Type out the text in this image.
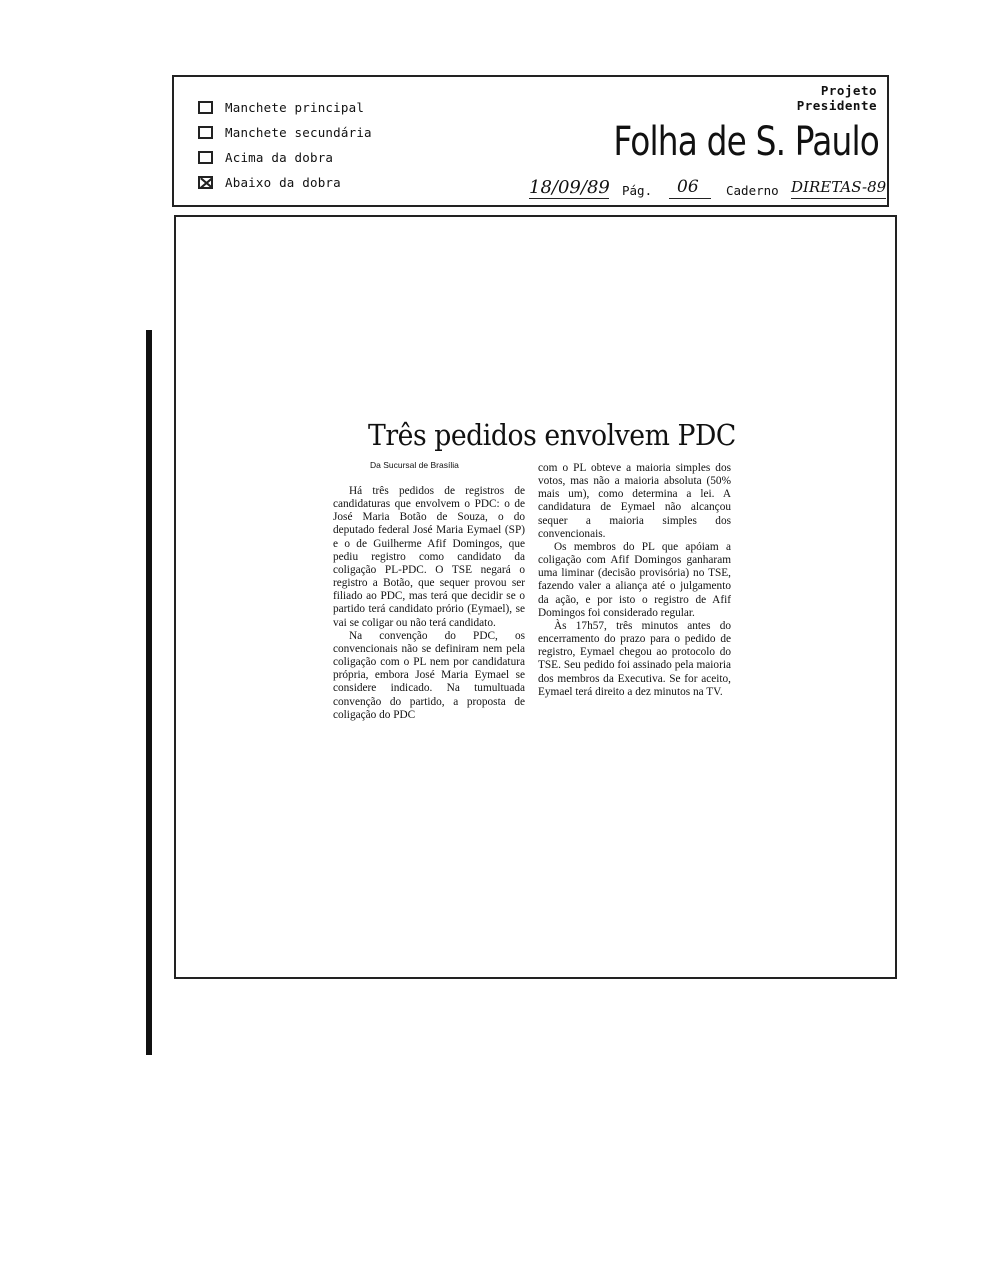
Manchete principal
Manchete secundária
Acima da dobra
Abaixo da dobra
Projeto
Presidente
Folha de S. Paulo
18/09/89 Pág. 06 Caderno DIRETAS-89
Três pedidos envolvem PDC
Da Sucursal de Brasília

Há três pedidos de registros de candidaturas que envolvem o PDC: o de José Maria Botão de Souza, o do deputado federal José Maria Eymael (SP) e o de Guilherme Afif Domingos, que pediu registro como candidato da coligação PL-PDC. O TSE negará o registro a Botão, que sequer provou ser filiado ao PDC, mas terá que decidir se o partido terá candidato prório (Eymael), se vai se coligar ou não terá candidato.

Na convenção do PDC, os convencionais não se definiram nem pela coligação com o PL nem por candidatura própria, embora José Maria Eymael se considere indicado. Na tumultuada convenção do partido, a proposta de coligação do PDC

com o PL obteve a maioria simples dos votos, mas não a maioria absoluta (50% mais um), como determina a lei. A candidatura de Eymael não alcançou sequer a maioria simples dos convencionais.

Os membros do PL que apóiam a coligação com Afif Domingos ganharam uma liminar (decisão provisória) no TSE, fazendo valer a aliança até o julgamento da ação, e por isto o registro de Afif Domingos foi considerado regular.

Às 17h57, três minutos antes do encerramento do prazo para o pedido de registro, Eymael chegou ao protocolo do TSE. Seu pedido foi assinado pela maioria dos membros da Executiva. Se for aceito, Eymael terá direito a dez minutos na TV.
